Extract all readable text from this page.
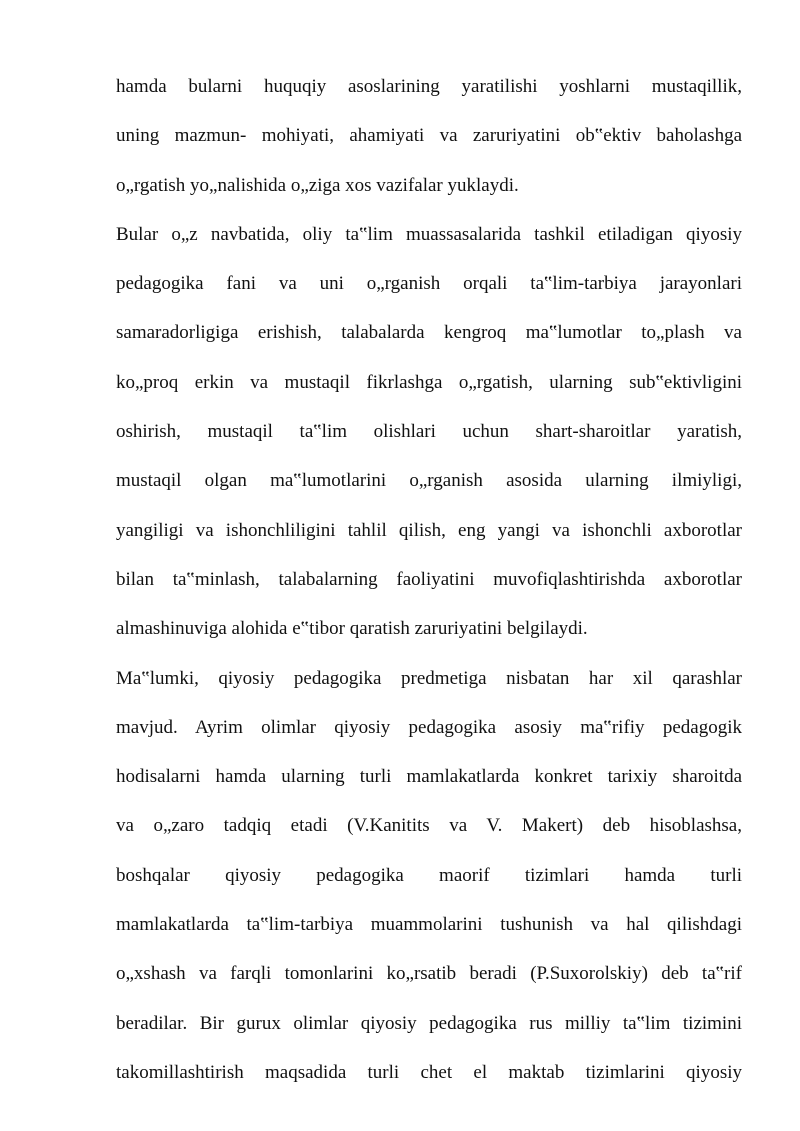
hamda bularni huquqiy asoslarining yaratilishi yoshlarni mustaqillik,
uning mazmun- mohiyati, ahamiyati va zaruriyatini ob‟ektiv baholashga
o„rgatish yo„nalishida o„ziga xos vazifalar yuklaydi.
Bular o„z navbatida, oliy ta‟lim muassasalarida tashkil etiladigan qiyosiy
pedagogika fani va uni o„rganish orqali ta‟lim-tarbiya jarayonlari
samaradorligiga erishish, talabalarda kengroq ma‟lumotlar to„plash va
ko„proq erkin va mustaqil fikrlashga o„rgatish, ularning sub‟ektivligini
oshirish, mustaqil ta‟lim olishlari uchun shart-sharoitlar yaratish,
mustaqil olgan ma‟lumotlarini o„rganish asosida ularning ilmiyligi,
yangiligi va ishonchliligini tahlil qilish, eng yangi va ishonchli axborotlar
bilan ta‟minlash, talabalarning faoliyatini muvofiqlashtirishda axborotlar
almashinuviga alohida e‟tibor qaratish zaruriyatini belgilaydi.
Ma‟lumki, qiyosiy pedagogika predmetiga nisbatan har xil qarashlar
mavjud. Ayrim olimlar qiyosiy pedagogika asosiy ma‟rifiy pedagogik
hodisalarni hamda ularning turli mamlakatlarda konkret tarixiy sharoitda
va o„zaro tadqiq etadi (V.Kanitits va V. Makert) deb hisoblashsa,
boshqalar qiyosiy pedagogika maorif tizimlari hamda turli
mamlakatlarda ta‟lim-tarbiya muammolarini tushunish va hal qilishdagi
o„xshash va farqli tomonlarini ko„rsatib beradi (P.Suxorolskiy) deb ta‟rif
beradilar. Bir gurux olimlar qiyosiy pedagogika rus milliy ta‟lim tizimini
takomillashtirish maqsadida turli chet el maktab tizimlarini qiyosiy
